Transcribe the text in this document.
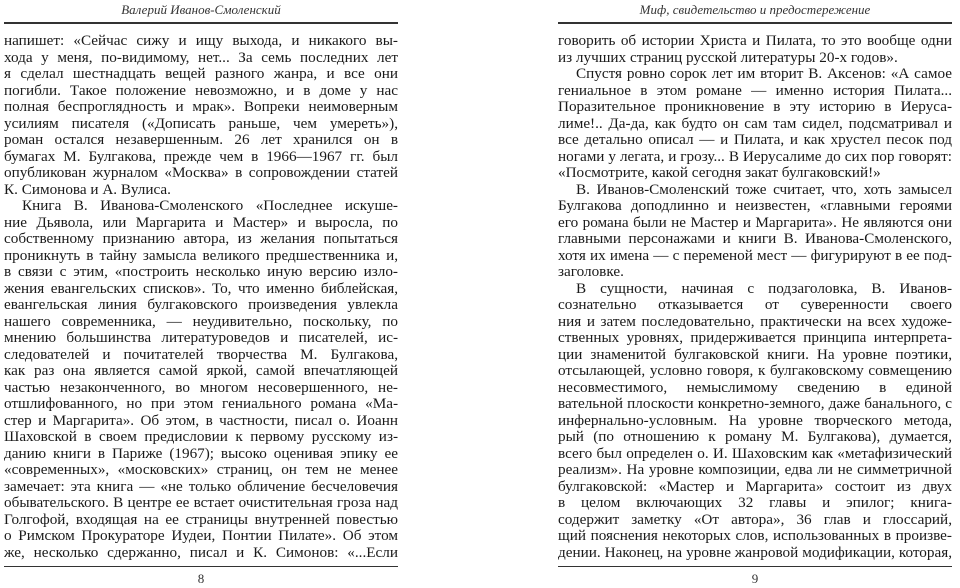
Валерий Иванов-Смоленский
напишет: «Сейчас сижу и ищу выхода, и никакого вы-
хода у меня, по-видимому, нет... За семь последних лет
я сделал шестнадцать вещей разного жанра, и все они
погибли. Такое положение невозможно, и в доме у нас
полная беспроглядность и мрак». Вопреки неимоверным
усилиям писателя («Дописать раньше, чем умереть»),
роман остался незавершенным. 26 лет хранился он в
бумагах М. Булгакова, прежде чем в 1966—1967 гг. был
опубликован журналом «Москва» в сопровождении статей
К. Симонова и А. Вулиса.
Книга В. Иванова-Смоленского «Последнее искуше-
ние Дьявола, или Маргарита и Мастер» и выросла, по
собственному признанию автора, из желания попытаться
проникнуть в тайну замысла великого предшественника и,
в связи с этим, «построить несколько иную версию изло-
жения евангельских списков». То, что именно библейская,
евангельская линия булгаковского произведения увлекла
нашего современника, — неудивительно, поскольку, по
мнению большинства литературоведов и писателей, ис-
следователей и почитателей творчества М. Булгакова,
как раз она является самой яркой, самой впечатляющей
частью незаконченного, во многом несовершенного, не-
отшлифованного, но при этом гениального романа «Ма-
стер и Маргарита». Об этом, в частности, писал о. Иоанн
Шаховской в своем предисловии к первому русскому из-
данию книги в Париже (1967); высоко оценивая эпику ее
«современных», «московских» страниц, он тем не менее
замечает: эта книга — «не только обличение бесчеловечия
обывательского. В центре ее встает очистительная гроза над
Голгофой, входящая на ее страницы внутренней повестью
о Римском Прокураторе Иудеи, Понтии Пилате». Об этом
же, несколько сдержанно, писал и К. Симонов: «...Если
8
Миф, свидетельство и предостережение
говорить об истории Христа и Пилата, то это вообще одни
из лучших страниц русской литературы 20-х годов».
Спустя ровно сорок лет им вторит В. Аксенов: «А самое
гениальное в этом романе — именно история Пилата...
Поразительное проникновение в эту историю в Иеруса-
лиме!.. Да-да, как будто он сам там сидел, подсматривал и
все детально описал — и Пилата, и как хрустел песок под
ногами у легата, и грозу... В Иерусалиме до сих пор говорят:
«Посмотрите, какой сегодня закат булгаковский!»
В. Иванов-Смоленский тоже считает, что, хоть замысел
Булгакова доподлинно и неизвестен, «главными героями
его романа были не Мастер и Маргарита». Не являются они
главными персонажами и книги В. Иванова-Смоленского,
хотя их имена — с переменой мест — фигурируют в ее под-
заголовке.
В сущности, начиная с подзаголовка, В. Иванов-
сознательно отказывается от суверенности своего
ния и затем последовательно, практически на всех художе-
ственных уровнях, придерживается принципа интерпрета-
ции знаменитой булгаковской книги. На уровне поэтики,
отсылающей, условно говоря, к булгаковскому совмещению
несовместимого, немыслимому сведению в единой
вательной плоскости конкретно-земного, даже банального, с
инфернально-условным. На уровне творческого метода,
рый (по отношению к роману М. Булгакова), думается,
всего был определен о. И. Шаховским как «метафизический
реализм». На уровне композиции, едва ли не симметричной
булгаковской: «Мастер и Маргарита» состоит из двух
в целом включающих 32 главы и эпилог; книга-
содержит заметку «От автора», 36 глав и глоссарий,
щий пояснения некоторых слов, использованных в произве-
дении. Наконец, на уровне жанровой модификации, которая,
9
